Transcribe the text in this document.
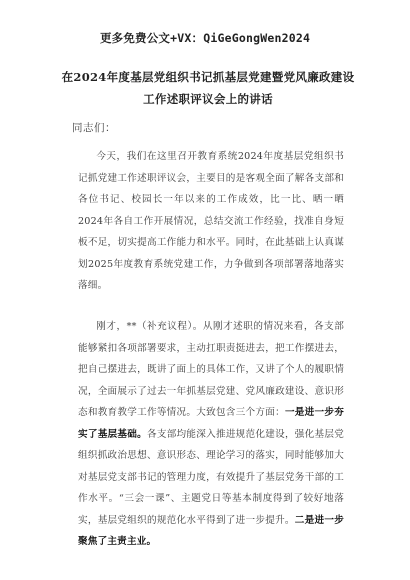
更多免费公文+VX：QiGeGongWen2024
在2024年度基层党组织书记抓基层党建暨党风廉政建设工作述职评议会上的讲话
同志们：
今天，我们在这里召开教育系统2024年度基层党组织书记抓党建工作述职评议会，主要目的是客观全面了解各支部和各位书记、校园长一年以来的工作成效，比一比、晒一晒2024年各自工作开展情况，总结交流工作经验，找准自身短板不足，切实提高工作能力和水平。同时，在此基础上认真谋划2025年度教育系统党建工作，力争做到各项部署落地落实落细。
刚才，**（补充议程）。从刚才述职的情况来看，各支部能够紧扣各项部署要求，主动扛职责挺进去，把工作摆进去，把自己摆进去，既讲了面上的具体工作，又讲了个人的履职情况，全面展示了过去一年抓基层党建、党风廉政建设、意识形态和教育教学工作等情况。大致包含三个方面：一是进一步夯实了基层基础。各支部均能深入推进规范化建设，强化基层党组织抓政治思想、意识形态、理论学习的落实，同时能够加大对基层党支部书记的管理力度，有效提升了基层党务干部的工作水平。“三会一课”、主题党日等基本制度得到了较好地落实，基层党组织的规范化水平得到了进一步提升。二是进一步聚焦了主责主业。
